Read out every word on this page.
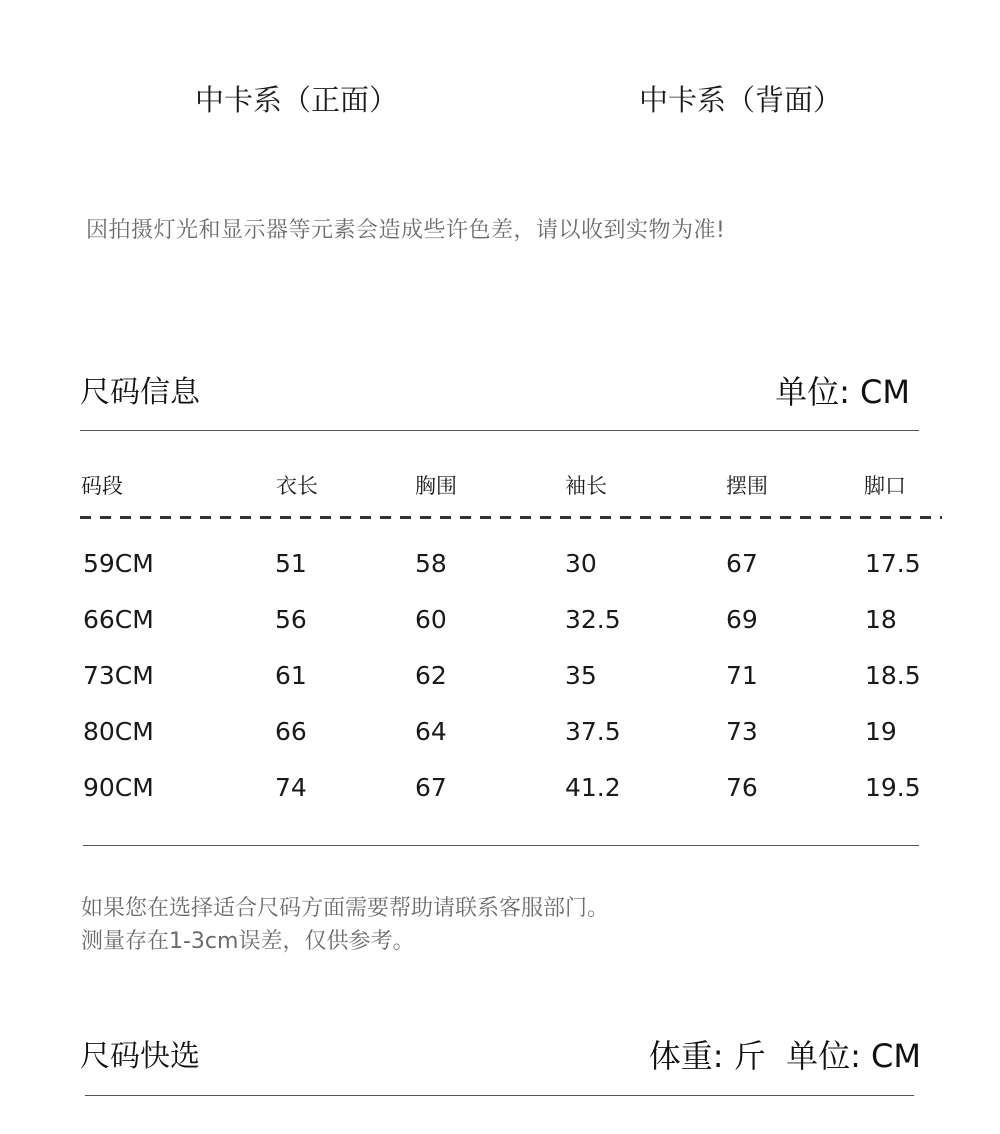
中卡系（正面）	中卡系（背面）
因拍摄灯光和显示器等元素会造成些许色差，请以收到实物为准!
尺码信息	单位: CM
码段	衣长	胸围	袖长	摆围	脚口
59CM	51	58	30	67	17.5
66CM	56	60	32.5	69	18
73CM	61	62	35	71	18.5
80CM	66	64	37.5	73	19
90CM	74	67	41.2	76	19.5
如果您在选择适合尺码方面需要帮助请联系客服部门。
测量存在1-3cm误差，仅供参考。
尺码快选	体重: 斤  单位: CM
